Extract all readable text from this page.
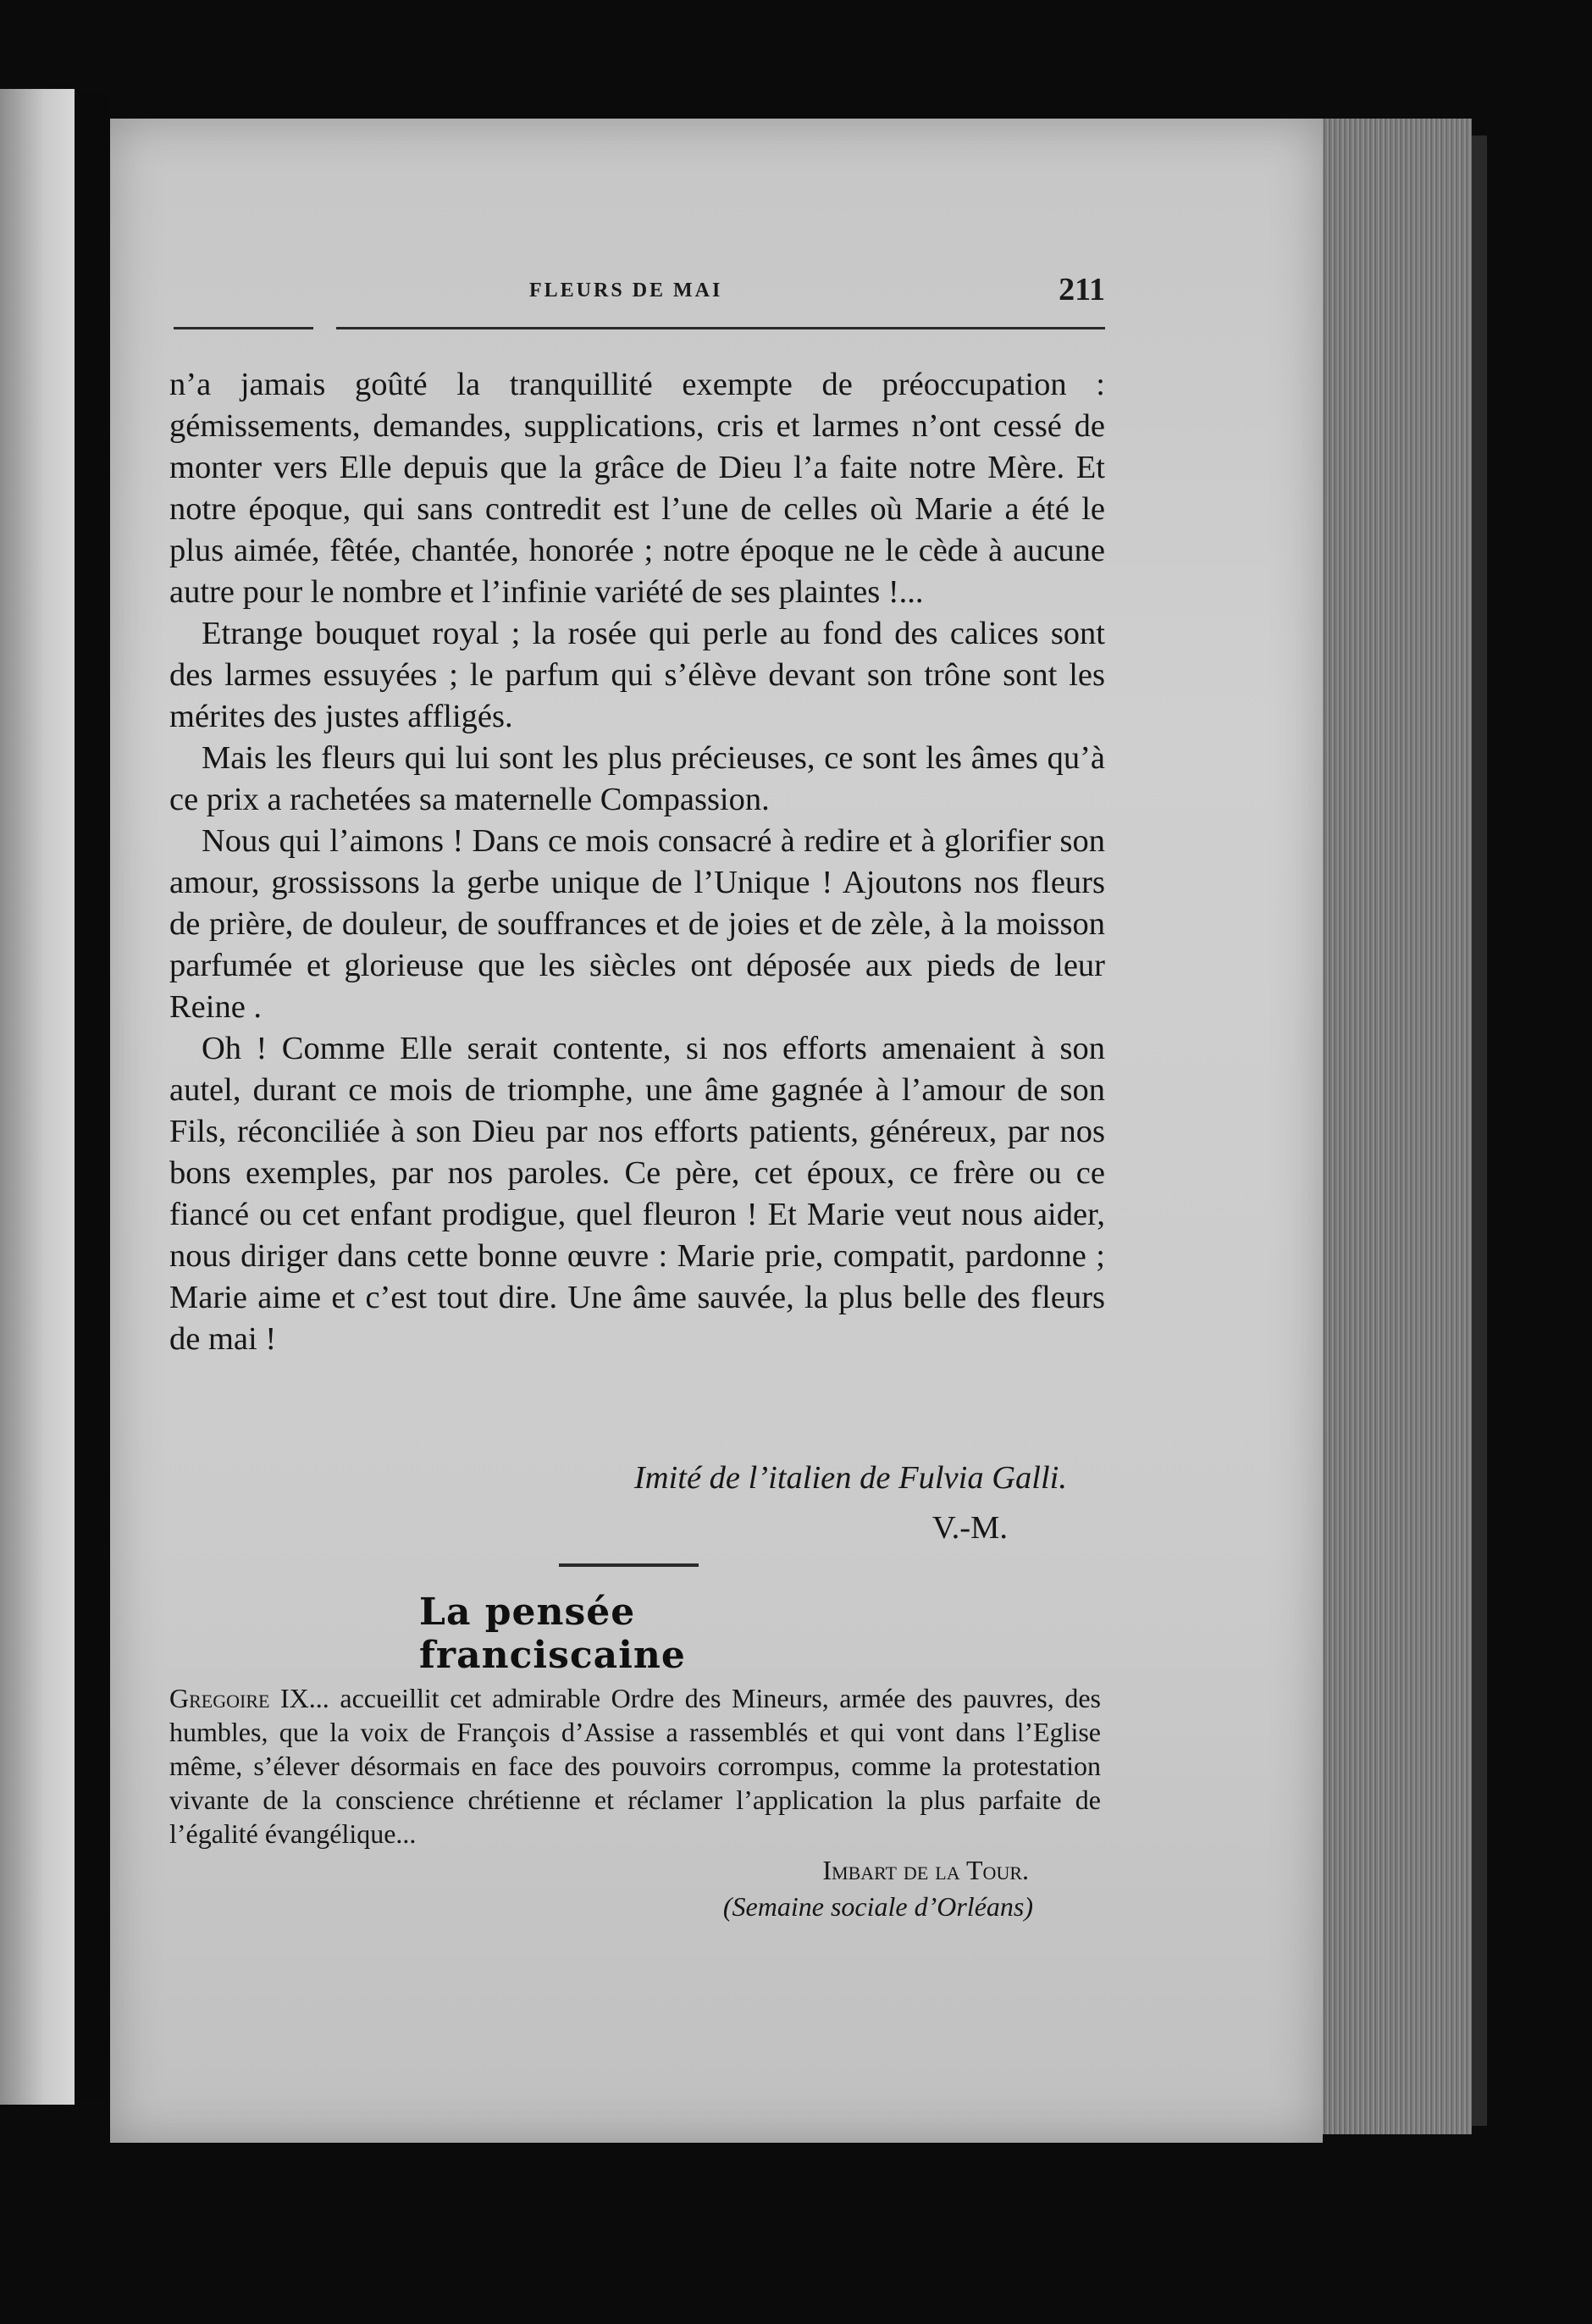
FLEURS DE MAI	211

n’a jamais goûté la tranquillité exempte de préoccupation : gémissements, demandes, supplications, cris et larmes n’ont cessé de monter vers Elle depuis que la grâce de Dieu l’a faite notre Mère. Et notre époque, qui sans contredit est l’une de celles où Marie a été le plus aimée, fêtée, chantée, honorée ; notre époque ne le cède à aucune autre pour le nombre et l’infinie variété de ses plaintes !...

Etrange bouquet royal ; la rosée qui perle au fond des calices sont des larmes essuyées ; le parfum qui s’élève devant son trône sont les mérites des justes affligés.

Mais les fleurs qui lui sont les plus précieuses, ce sont les âmes qu’à ce prix a rachetées sa maternelle Compassion.

Nous qui l’aimons ! Dans ce mois consacré à redire et à glorifier son amour, grossissons la gerbe unique de l’Unique ! Ajoutons nos fleurs de prière, de douleur, de souffrances et de joies et de zèle, à la moisson parfumée et glorieuse que les siècles ont déposée aux pieds de leur Reine .

Oh ! Comme Elle serait contente, si nos efforts amenaient à son autel, durant ce mois de triomphe, une âme gagnée à l’amour de son Fils, réconciliée à son Dieu par nos efforts patients, généreux, par nos bons exemples, par nos paroles. Ce père, cet époux, ce frère ou ce fiancé ou cet enfant prodigue, quel fleuron ! Et Marie veut nous aider, nous diriger dans cette bonne œuvre : Marie prie, compatit, pardonne ; Marie aime et c’est tout dire. Une âme sauvée, la plus belle des fleurs de mai !

Imité de l’italien de Fulvia Galli.
V.-M.
La pensée franciscaine
Gregoire IX... accueillit cet admirable Ordre des Mineurs, armée des pauvres, des humbles, que la voix de François d’Assise a rassemblés et qui vont dans l’Eglise même, s’élever désormais en face des pouvoirs corrompus, comme la protestation vivante de la conscience chrétienne et réclamer l’application la plus parfaite de l’égalité évangélique...
Imbart de la Tour.
(Semaine sociale d’Orléans)
